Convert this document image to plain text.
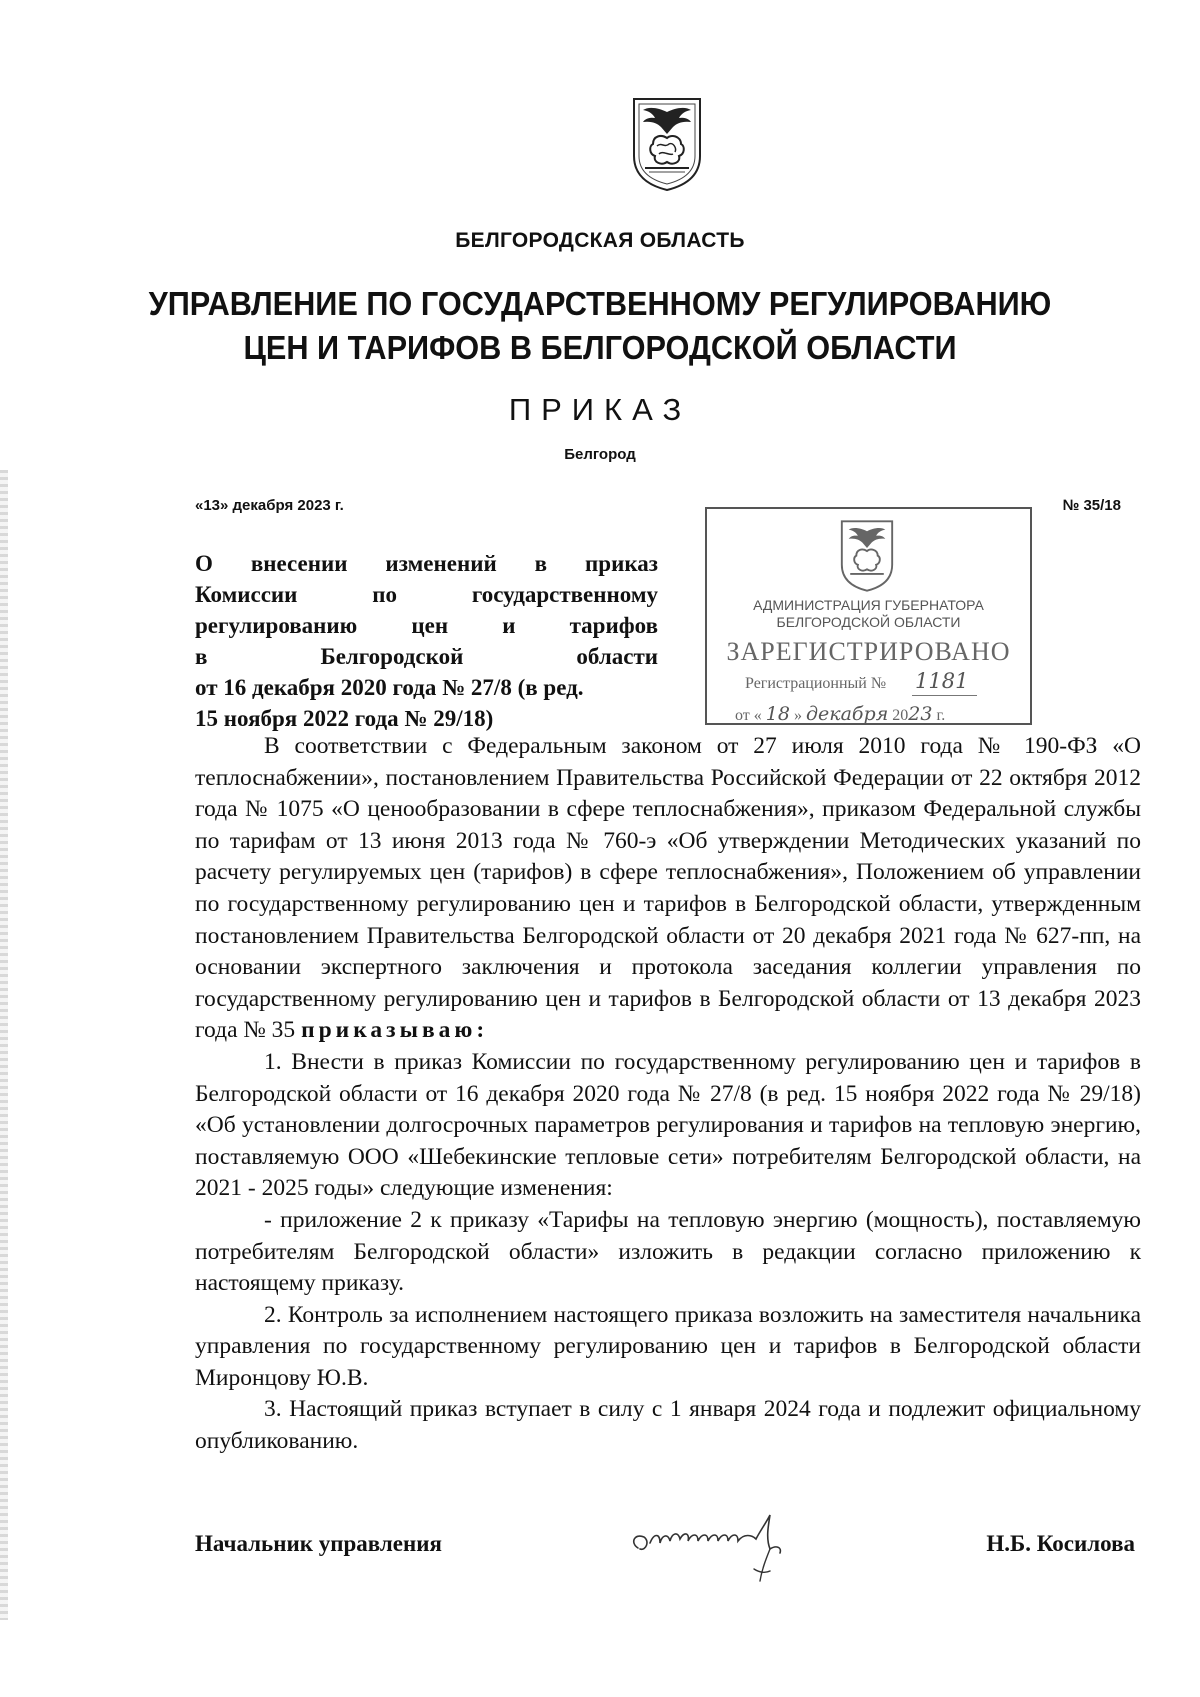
БЕЛГОРОДСКАЯ ОБЛАСТЬ
УПРАВЛЕНИЕ ПО ГОСУДАРСТВЕННОМУ РЕГУЛИРОВАНИЮ
ЦЕН И ТАРИФОВ В БЕЛГОРОДСКОЙ ОБЛАСТИ
ПРИКАЗ
Белгород
«13» декабря 2023 г.	№ 35/18
О внесении изменений в приказ
Комиссии по государственному
регулированию цен и тарифов
в Белгородской области
от 16 декабря 2020 года № 27/8 (в ред.
15 ноября 2022 года № 29/18)
АДМИНИСТРАЦИЯ ГУБЕРНАТОРА
БЕЛГОРОДСКОЙ ОБЛАСТИ
ЗАРЕГИСТРИРОВАНО
Регистрационный № 1181
от « 18 » декабря 2023 г.

В соответствии с Федеральным законом от 27 июля 2010 года № 190-ФЗ «О теплоснабжении», постановлением Правительства Российской Федерации от 22 октября 2012 года № 1075 «О ценообразовании в сфере теплоснабжения», приказом Федеральной службы по тарифам от 13 июня 2013 года № 760-э «Об утверждении Методических указаний по расчету регулируемых цен (тарифов) в сфере теплоснабжения», Положением об управлении по государственному регулированию цен и тарифов в Белгородской области, утвержденным постановлением Правительства Белгородской области от 20 декабря 2021 года № 627-пп, на основании экспертного заключения и протокола заседания коллегии управления по государственному регулированию цен и тарифов в Белгородской области от 13 декабря 2023 года № 35 приказываю:

1. Внести в приказ Комиссии по государственному регулированию цен и тарифов в Белгородской области от 16 декабря 2020 года № 27/8 (в ред. 15 ноября 2022 года № 29/18) «Об установлении долгосрочных параметров регулирования и тарифов на тепловую энергию, поставляемую ООО «Шебекинские тепловые сети» потребителям Белгородской области, на 2021 - 2025 годы» следующие изменения:

- приложение 2 к приказу «Тарифы на тепловую энергию (мощность), поставляемую потребителям Белгородской области» изложить в редакции согласно приложению к настоящему приказу.

2. Контроль за исполнением настоящего приказа возложить на заместителя начальника управления по государственному регулированию цен и тарифов в Белгородской области Миронцову Ю.В.

3. Настоящий приказ вступает в силу с 1 января 2024 года и подлежит официальному опубликованию.

Начальник управления	Н.Б. Косилова
